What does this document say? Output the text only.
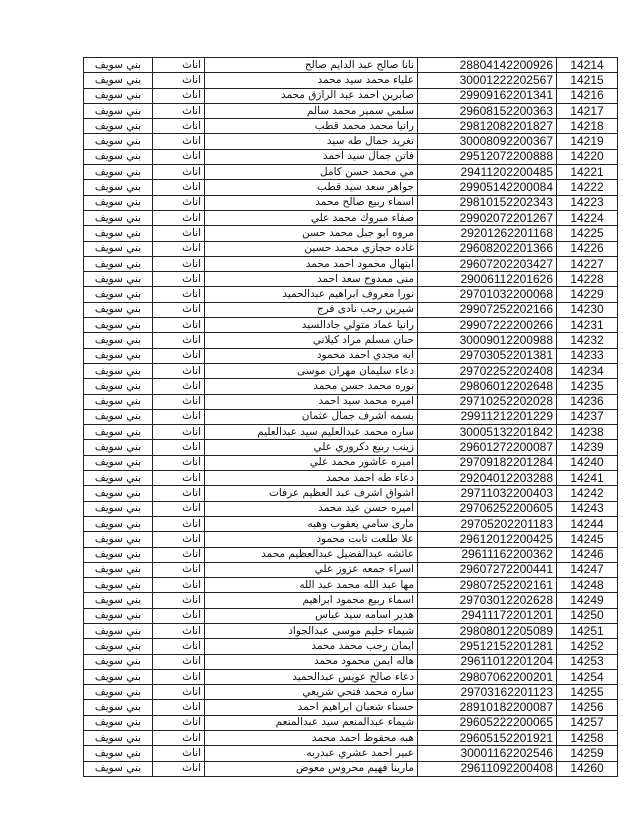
بني سويف	اناث	نانا صالح عبد الدايم صالح	28804142200926	14214
بني سويف	اناث	علياء محمد سيد محمد	30001222202567	14215
بني سويف	اناث	صابرين احمد عبد الرازق محمد	29909162201341	14216
بني سويف	اناث	سلمي سمير محمد سالم	29608152200363	14217
بني سويف	اناث	رانيا محمد محمد قطب	29812082201827	14218
بني سويف	اناث	تغريد جمال طه سيد	30008092200367	14219
بني سويف	اناث	فاتن جمال سيد احمد	29512072200888	14220
بني سويف	اناث	مي محمد حسن كامل	29411202200485	14221
بني سويف	اناث	جواهر سعد سيد قطب	29905142200084	14222
بني سويف	اناث	اسماء ربيع صالح محمد	29810152202343	14223
بني سويف	اناث	صفاء مبروك محمد علي	29902072201267	14224
بني سويف	اناث	مروه ابو جبل محمد حسن	29201262201168	14225
بني سويف	اناث	غاده حجازي محمد حسين	29608202201366	14226
بني سويف	اناث	ابتهال محمود احمد محمد	29607202203427	14227
بني سويف	اناث	منى ممدوح سعد احمد	29006112201626	14228
بني سويف	اناث	نورا معروف ابراهيم عبدالحميد	29701032200068	14229
بني سويف	اناث	شيرين رجب نادى فرج	29907252202166	14230
بني سويف	اناث	رانيا عماد متولي جادالسيد	29907222200266	14231
بني سويف	اناث	حنان مسلم مراد كيلاني	30009012200988	14232
بني سويف	اناث	ايه مجدي احمد محمود	29703052201381	14233
بني سويف	اناث	دعاء سليمان مهران موسى	29702252202408	14234
بني سويف	اناث	نوره محمد حسن محمد	29806012202648	14235
بني سويف	اناث	اميره محمد سيد احمد	29710252202028	14236
بني سويف	اناث	بسمه اشرف جمال عثمان	29911212201229	14237
بني سويف	اناث	ساره محمد عبدالعليم سيد عبدالعليم	30005132201842	14238
بني سويف	اناث	زينب ربيع دكروري علي	29601272200087	14239
بني سويف	اناث	اميره عاشور محمد علي	29709182201284	14240
بني سويف	اناث	دعاء طه احمد محمد	29204012203288	14241
بني سويف	اناث	اشواق اشرف عبد العظيم عرفات	29711032200403	14242
بني سويف	اناث	اميره حسن عيد محمد	29706252200605	14243
بني سويف	اناث	مارى سامي يعقوب وهبه	29705202201183	14244
بني سويف	اناث	علا طلعت ثابت محمود	29612012200425	14245
بني سويف	اناث	عائشه عبدالفضيل عبدالعظيم محمد	29611162200362	14246
بني سويف	اناث	اسراء جمعه عزوز علي	29607272200441	14247
بني سويف	اناث	مها عبد الله محمد عبد الله	29807252202161	14248
بني سويف	اناث	اسماء ربيع محمود ابراهيم	29703012202628	14249
بني سويف	اناث	هدير اسامه سيد عباس	29411172201201	14250
بني سويف	اناث	شيماء حليم موسى عبدالجواد	29808012205089	14251
بني سويف	اناث	ايمان رجب محمد محمد	29512152201281	14252
بني سويف	اناث	هاله ايمن محمود محمد	29611012201204	14253
بني سويف	اناث	دعاء صالح عويس عبدالحميد	29807062200201	14254
بني سويف	اناث	ساره محمد فتحي شريعي	29703162201123	14255
بني سويف	اناث	حسناء شعبان ابراهيم احمد	28910182200087	14256
بني سويف	اناث	شيماء عبدالمنعم سيد عبدالمنعم	29605222200065	14257
بني سويف	اناث	هبه محفوظ احمد محمد	29605152201921	14258
بني سويف	اناث	عبير احمد عشري عبدربه	30001162202546	14259
بني سويف	اناث	مارينا فهيم محروس معوض	29611092200408	14260
